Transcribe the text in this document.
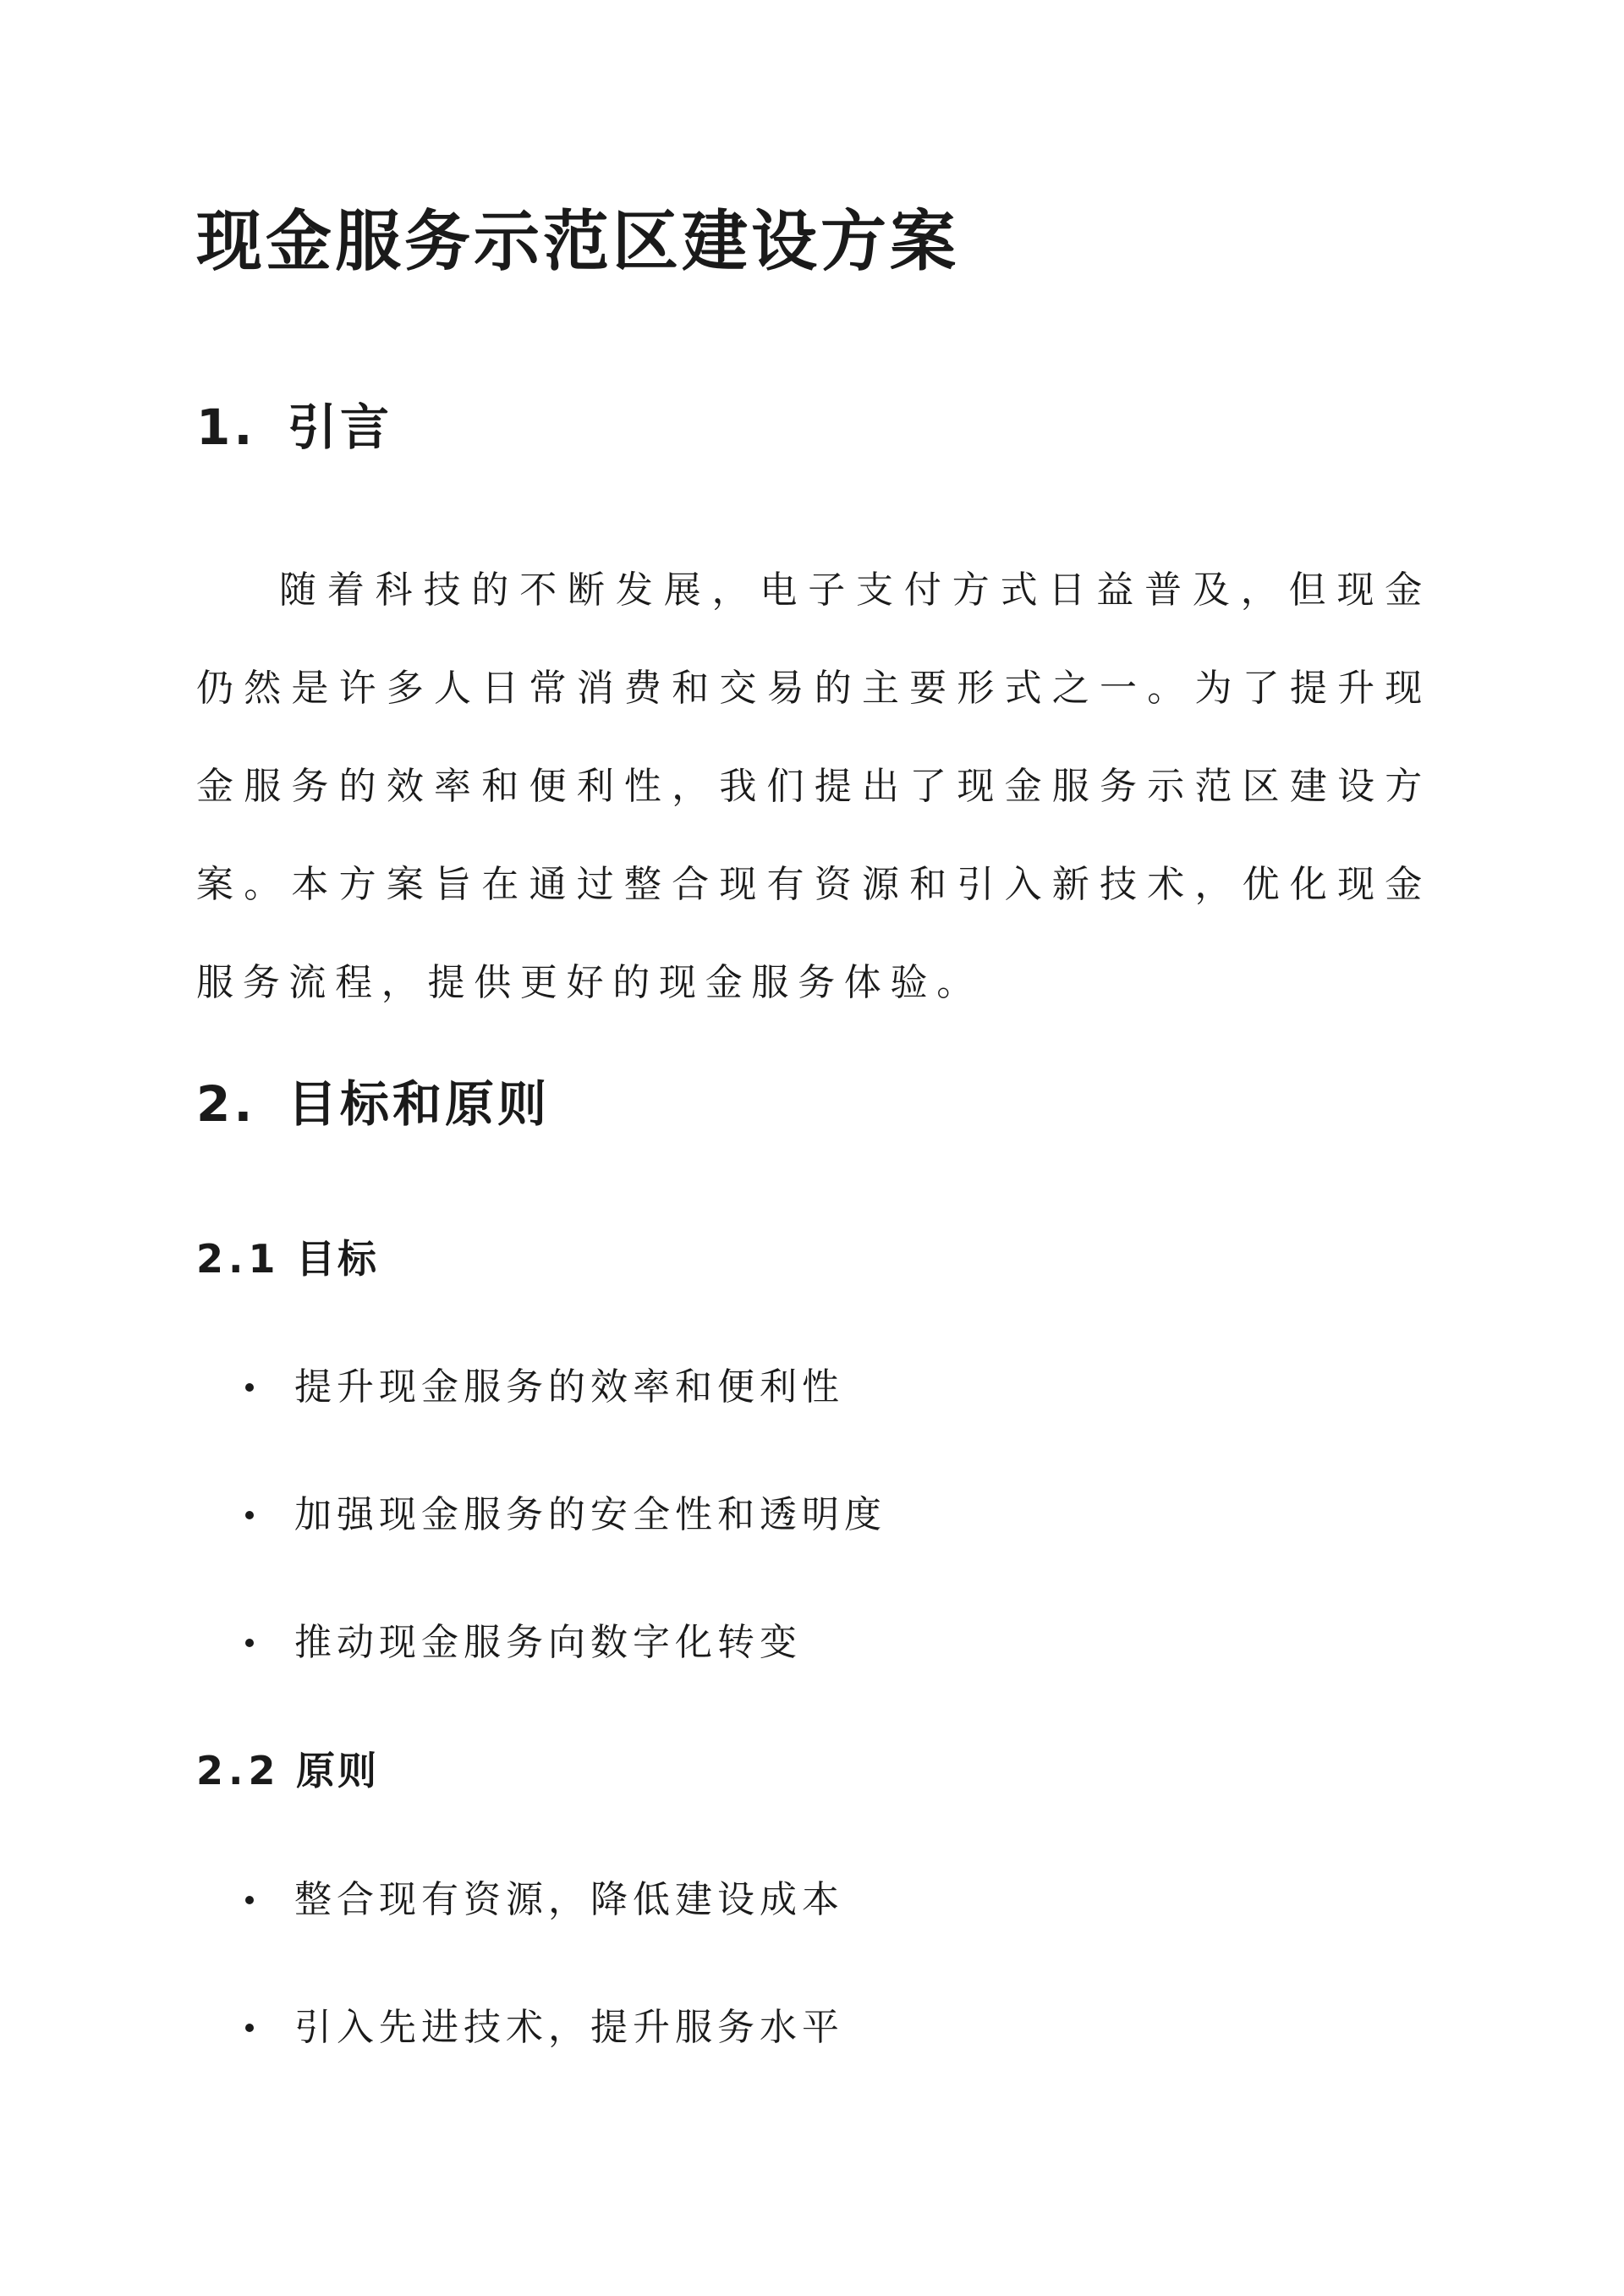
现金服务示范区建设方案
1. 引言

随着科技的不断发展，电子支付方式日益普及，但现金仍然是许多人日常消费和交易的主要形式之一。为了提升现金服务的效率和便利性，我们提出了现金服务示范区建设方案。本方案旨在通过整合现有资源和引入新技术，优化现金服务流程，提供更好的现金服务体验。

2. 目标和原则
2.1 目标

提升现金服务的效率和便利性

加强现金服务的安全性和透明度

推动现金服务向数字化转变

2.2 原则

整合现有资源，降低建设成本

引入先进技术，提升服务水平
